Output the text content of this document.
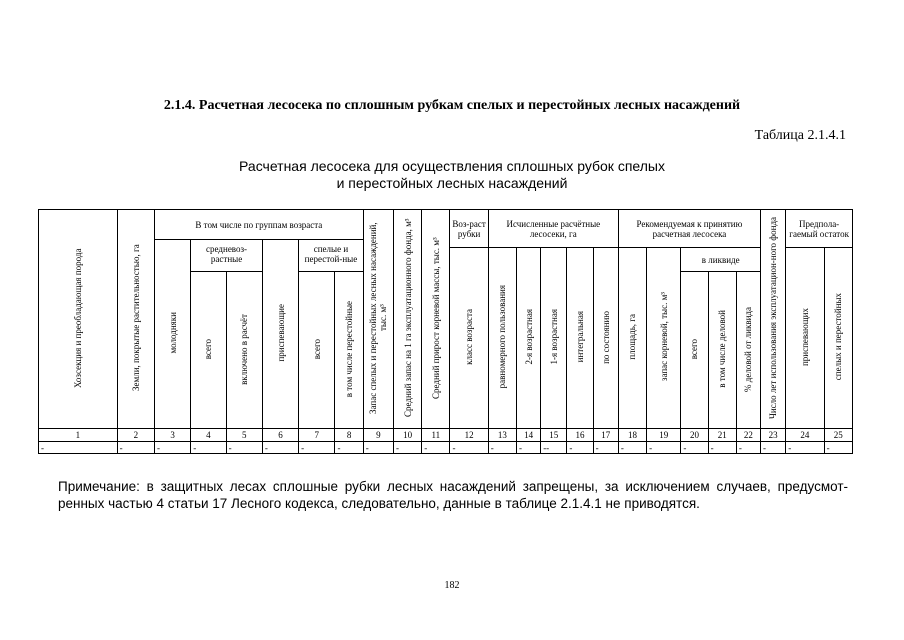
2.1.4. Расчетная лесосека по сплошным рубкам спелых и перестойных лесных насаждений
Таблица 2.1.4.1
Расчетная лесосека для осуществления сплошных рубок спелых
и перестойных лесных насаждений
Хозсекция и преобладающая порода	Земли, покрытые растительностью, га	В том числе по группам возраста						Запас спелых и перестойных лесных насаждений, тыс. м³	Средний запас на 1 га эксплуатационного фонда, м³	Средний прирост корневой массы, тыс. м³	Воз-раст рубки	Исчисленные расчётные лесосеки, га					Рекомендуемая к принятию расчетная лесосека					Число лет использования эксплуатацион-ного фонда	Предпола-гаемый остаток	
		молодняки	средневоз-растные		приспевающие	спелые и перестой-ные																		
											класс возраста	равномерного пользования	2-я возрастная	1-я возрастная	интегральная	по состоянию	площадь, га	запас корневой, тыс. м³	в ликвиде				приспевающих	спелых и перестойных
			всего	включено в расчёт		всего	в том числе перестойные												всего	в том числе деловой	% деловой от ликвида			
1	2	3	4	5	6	7	8	9	10	11	12	13	14	15	16	17	18	19	20	21	22	23	24	25
-	-	-	-	-	-	-	-	-	-	-	-	-	-	--	-	-	-	-	-	-	-	-	-	-
Примечание: в защитных лесах сплошные рубки лесных насаждений запрещены, за исключением случаев, предусмот-ренных частью 4 статьи 17 Лесного кодекса, следовательно, данные в таблице 2.1.4.1 не приводятся.
182
